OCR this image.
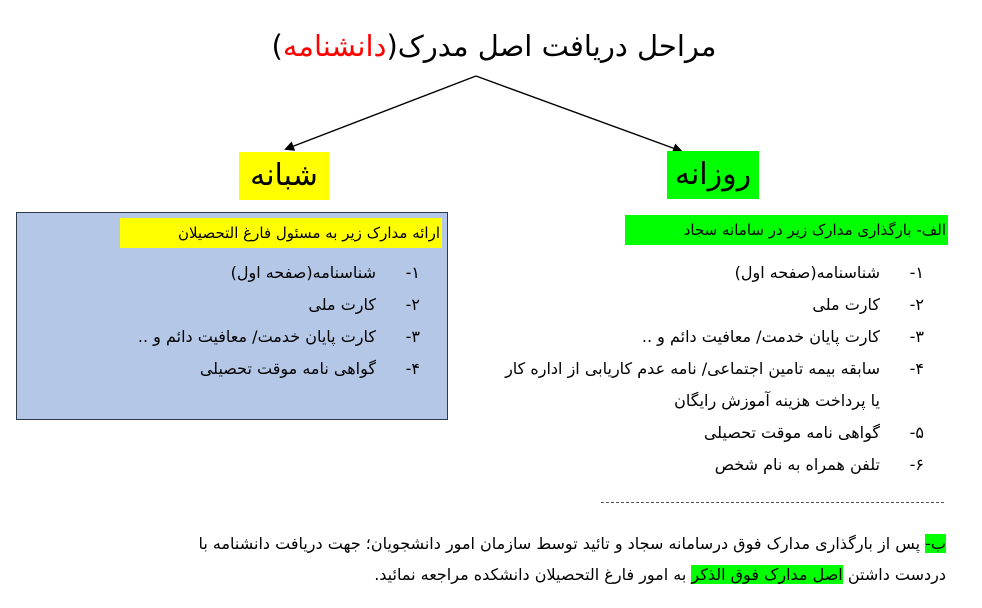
مراحل دریافت اصل مدرک(دانشنامه)
شبانه	روزانه
ارائه مدارک زیر به مسئول فارغ التحصیلان
-۱
شناسنامه(صفحه اول)
-۲
کارت ملی
-۳
کارت پایان خدمت/ معافیت دائم و ..
-۴
گواهی نامه موقت تحصیلی
الف- بارگذاری مدارک زیر در سامانه سجاد
-۱
شناسنامه(صفحه اول)
-۲
کارت ملی
-۳
کارت پایان خدمت/ معافیت دائم و ..
-۴
سابقه بیمه تامین اجتماعی/ نامه عدم کاریابی از اداره کار
یا پرداخت هزینه آموزش رایگان
-۵
گواهی نامه موقت تحصیلی
-۶
تلفن همراه به نام شخص
ب- پس از بارگذاری مدارک فوق درسامانه سجاد و تائید توسط سازمان امور دانشجویان؛ جهت دریافت دانشنامه با
دردست داشتن اصل مدارک فوق الذکر به امور فارغ التحصیلان دانشکده مراجعه نمائید.
